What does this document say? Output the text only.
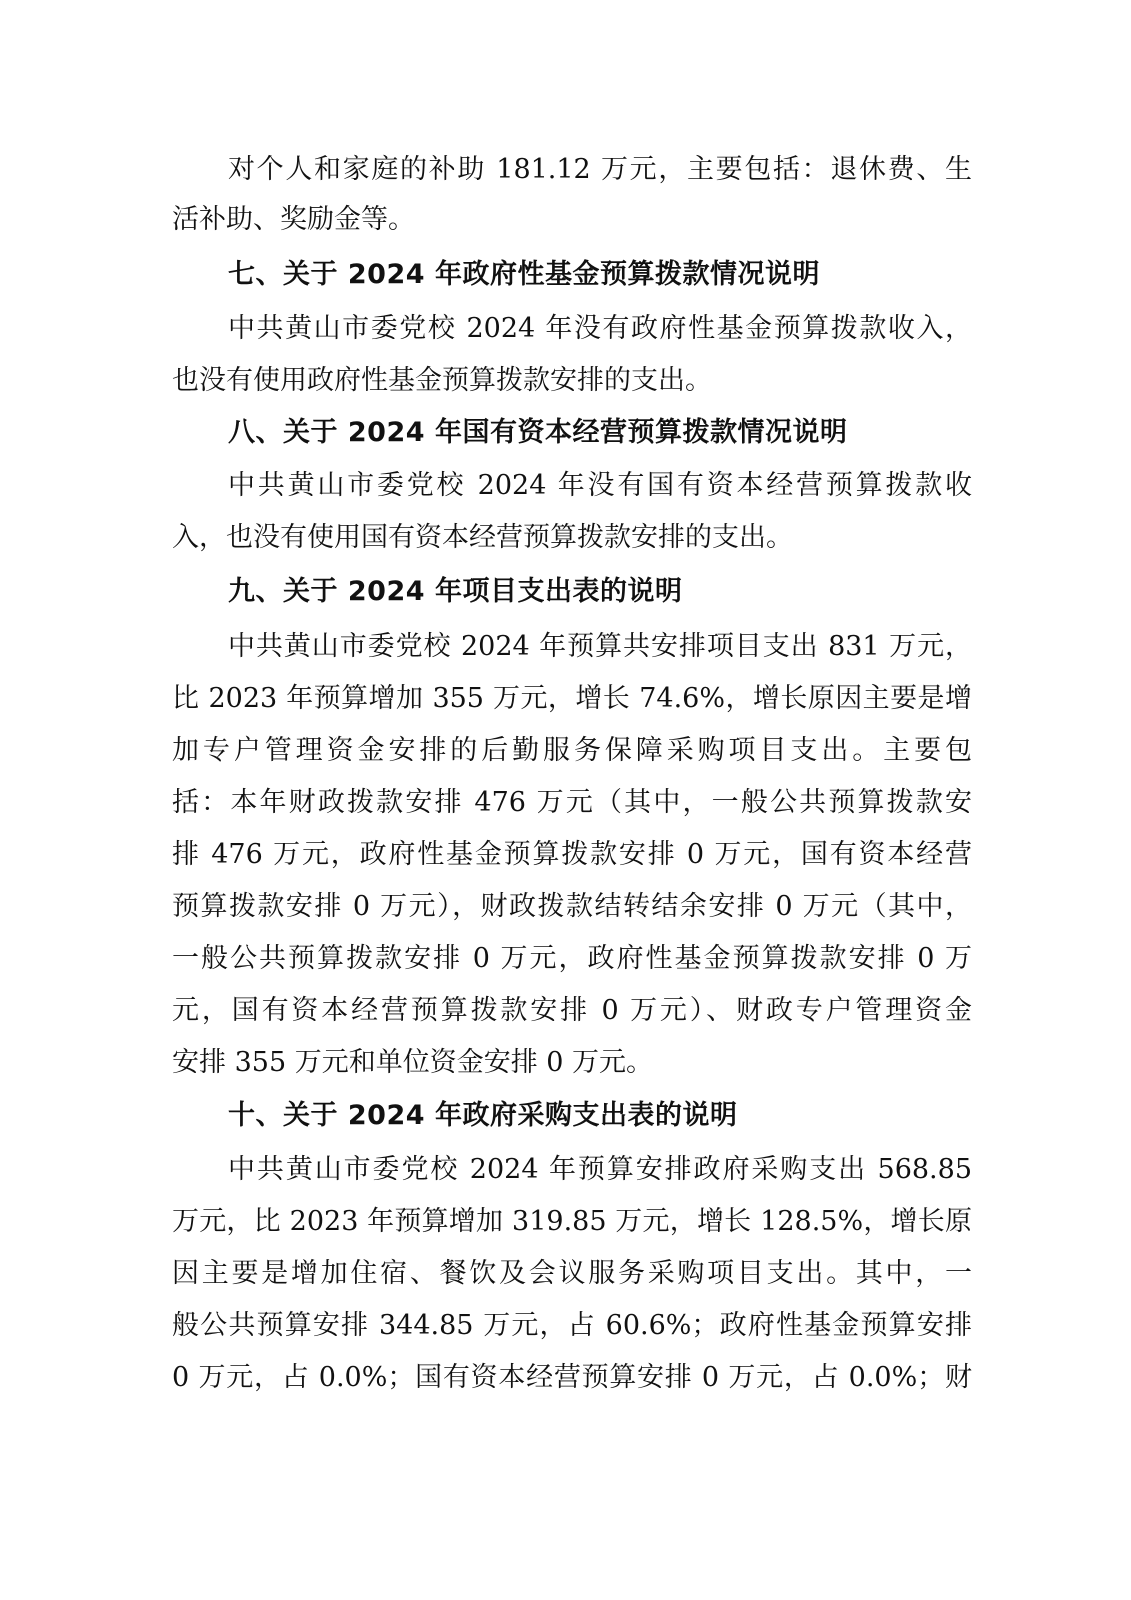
对个人和家庭的补助 181.12 万元，主要包括：退休费、生
活补助、奖励金等。
七、关于 2024 年政府性基金预算拨款情况说明
中共黄山市委党校 2024 年没有政府性基金预算拨款收入，
也没有使用政府性基金预算拨款安排的支出。
八、关于 2024 年国有资本经营预算拨款情况说明
中共黄山市委党校 2024 年没有国有资本经营预算拨款收
入，也没有使用国有资本经营预算拨款安排的支出。
九、关于 2024 年项目支出表的说明
中共黄山市委党校 2024 年预算共安排项目支出 831 万元，
比 2023 年预算增加 355 万元，增长 74.6%，增长原因主要是增
加专户管理资金安排的后勤服务保障采购项目支出。主要包
括：本年财政拨款安排 476 万元（其中，一般公共预算拨款安
排 476 万元，政府性基金预算拨款安排 0 万元，国有资本经营
预算拨款安排 0 万元），财政拨款结转结余安排 0 万元（其中，
一般公共预算拨款安排 0 万元，政府性基金预算拨款安排 0 万
元，国有资本经营预算拨款安排 0 万元）、财政专户管理资金
安排 355 万元和单位资金安排 0 万元。
十、关于 2024 年政府采购支出表的说明
中共黄山市委党校 2024 年预算安排政府采购支出 568.85
万元，比 2023 年预算增加 319.85 万元，增长 128.5%，增长原
因主要是增加住宿、餐饮及会议服务采购项目支出。其中，一
般公共预算安排 344.85 万元，占 60.6%；政府性基金预算安排
0 万元，占 0.0%；国有资本经营预算安排 0 万元，占 0.0%；财
